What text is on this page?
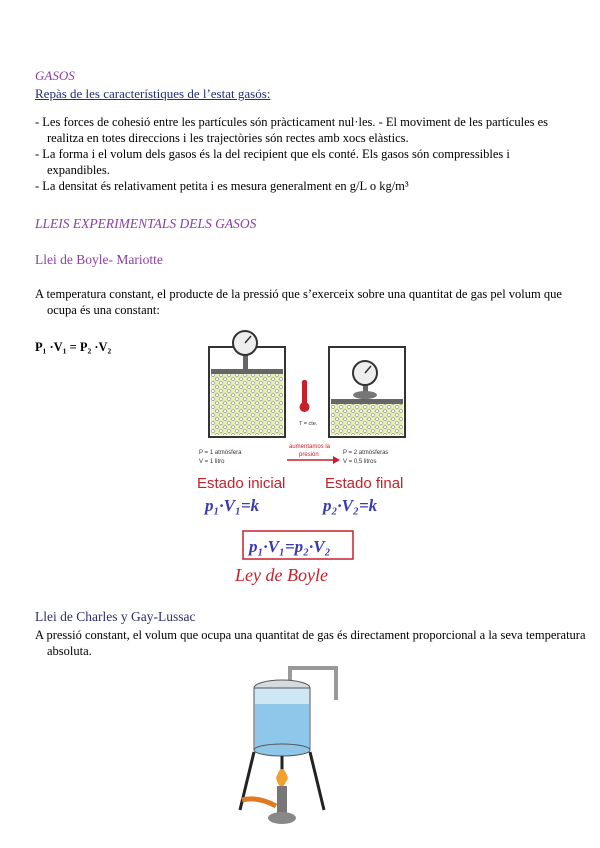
GASOS
Repàs de les característiques de l’estat gasós:
- Les forces de cohesió entre les partícules són pràcticament nul·les. - El moviment de les partícules es realitza en totes direccions i les trajectòries són rectes amb xocs elàstics.
- La forma i el volum dels gasos és la del recipient que els conté. Els gasos són compressibles i expandibles.
- La densitat és relativament petita i es mesura generalment en g/L o kg/m³
LLEIS EXPERIMENTALS DELS GASOS
Llei de Boyle- Mariotte
A temperatura constant, el producte de la pressió que s’exerceix sobre una quantitat de gas pel volum que ocupa és una constant:
P₁ ·V₁ = P₂ ·V₂
T = cte.
P = 1 atmósfera
V = 1 litro
aumentamos la
presión	P = 2 atmósferas
V = 0,5 litros
Estado inicial	Estado final
p₁·V₁=k	p₂·V₂=k
p₁·V₁=p₂·V₂
Ley de Boyle
Llei de Charles y Gay-Lussac
A pressió constant, el volum que ocupa una quantitat de gas és directament proporcional a la seva temperatura absoluta.
